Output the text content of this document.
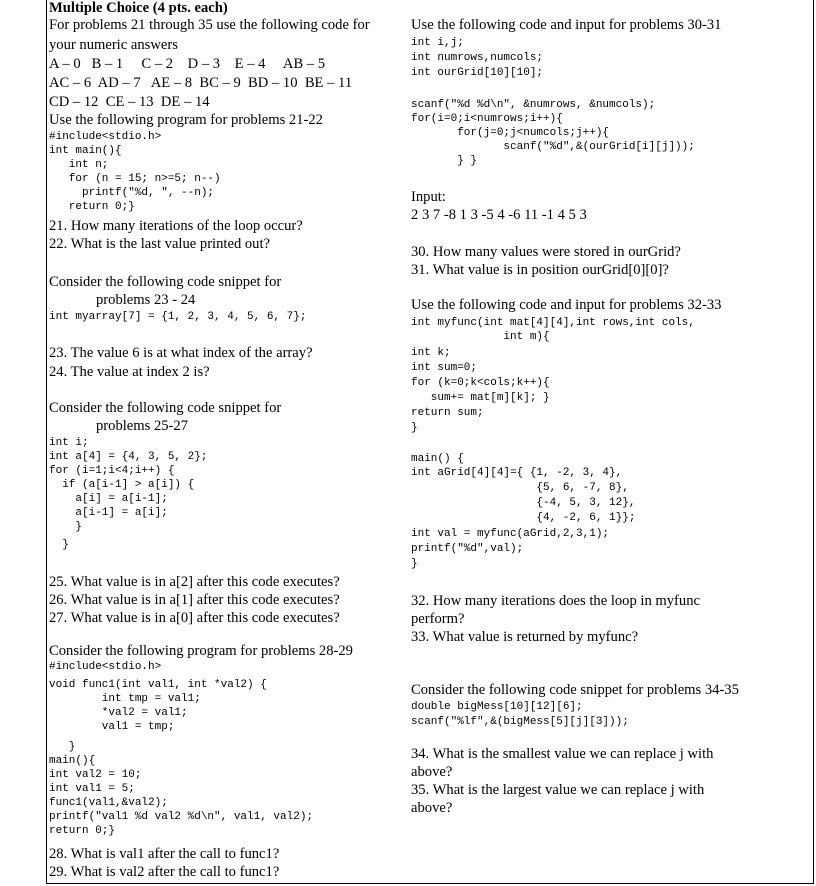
Multiple Choice (4 pts. each)
For problems 21 through 35 use the following code for
your numeric answers
A – 0   B – 1     C – 2    D – 3    E – 4     AB – 5
AC – 6  AD – 7   AE – 8  BC – 9  BD – 10  BE – 11
CD – 12  CE – 13  DE – 14
Use the following program for problems 21-22
#include<stdio.h>
int main(){
int n;
for (n = 15; n>=5; n--)
printf("%d, ", --n);
return 0;}
21. How many iterations of the loop occur?
22. What is the last value printed out?
Consider the following code snippet for
problems 23 - 24
int myarray[7] = {1, 2, 3, 4, 5, 6, 7};
23. The value 6 is at what index of the array?
24. The value at index 2 is?
Consider the following code snippet for
problems 25-27
int i;
int a[4] = {4, 3, 5, 2};
for (i=1;i<4;i++) {
if (a[i-1] > a[i]) {
a[i] = a[i-1];
a[i-1] = a[i];
}
}
25. What value is in a[2] after this code executes?
26. What value is in a[1] after this code executes?
27. What value is in a[0] after this code executes?
Consider the following program for problems 28-29
#include<stdio.h>
void func1(int val1, int *val2) {
int tmp = val1;
*val2 = val1;
val1 = tmp;
}
main(){
int val2 = 10;
int val1 = 5;
func1(val1,&val2);
printf("val1 %d val2 %d\n", val1, val2);
return 0;}
28. What is val1 after the call to func1?
29. What is val2 after the call to func1?
Use the following code and input for problems 30-31
int i,j;
int numrows,numcols;
int ourGrid[10][10];
scanf("%d %d\n", &numrows, &numcols);
for(i=0;i<numrows;i++){
for(j=0;j<numcols;j++){
scanf("%d",&(ourGrid[i][j]));
} }
Input:
2 3 7 -8 1 3 -5 4 -6 11 -1 4 5 3
30. How many values were stored in ourGrid?
31. What value is in position ourGrid[0][0]?
Use the following code and input for problems 32-33
int myfunc(int mat[4][4],int rows,int cols,
int m){
int k;
int sum=0;
for (k=0;k<cols;k++){
sum+= mat[m][k]; }
return sum;
}
main() {
int aGrid[4][4]={ {1, -2, 3, 4},
{5, 6, -7, 8},
{-4, 5, 3, 12},
{4, -2, 6, 1}};
int val = myfunc(aGrid,2,3,1);
printf("%d",val);
}
32. How many iterations does the loop in myfunc
perform?
33. What value is returned by myfunc?
Consider the following code snippet for problems 34-35
double bigMess[10][12][6];
scanf("%lf",&(bigMess[5][j][3]));
34. What is the smallest value we can replace j with
above?
35. What is the largest value we can replace j with
above?
